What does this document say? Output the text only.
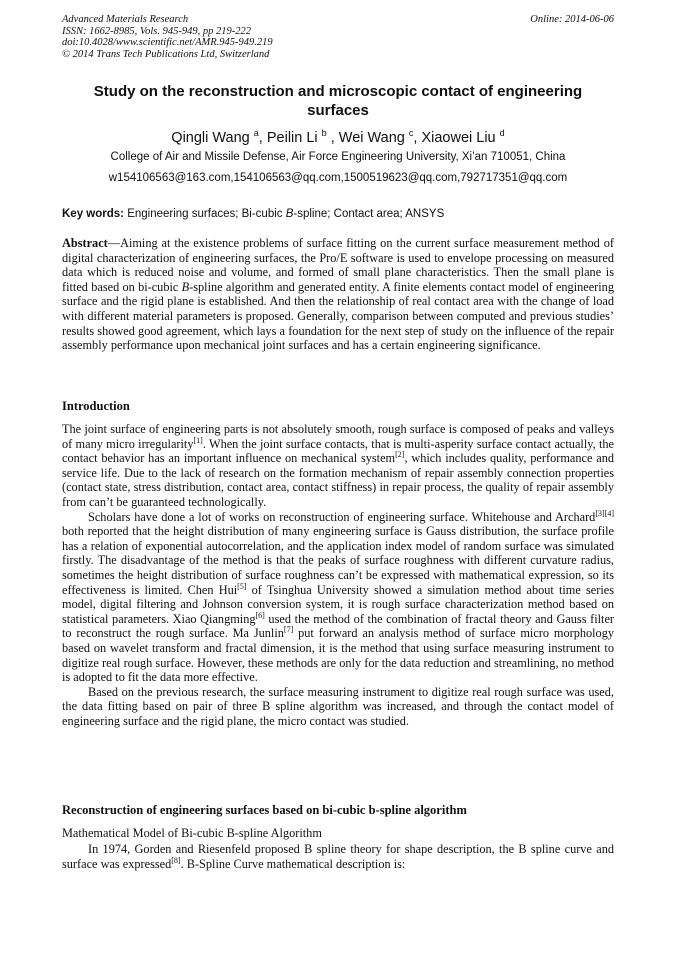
Advanced Materials Research
ISSN: 1662-8985, Vols. 945-949, pp 219-222
doi:10.4028/www.scientific.net/AMR.945-949.219
© 2014 Trans Tech Publications Ltd, Switzerland
Online: 2014-06-06
Study on the reconstruction and microscopic contact of engineering surfaces
Qingli Wang $^a$, Peilin Li $^b$ , Wei Wang $^c$, Xiaowei Liu $^d$
College of Air and Missile Defense, Air Force Engineering University, Xi’an 710051, China
w154106563@163.com,154106563@qq.com,1500519623@qq.com,792717351@qq.com
Key words: Engineering surfaces; Bi-cubic B-spline; Contact area; ANSYS
Abstract—Aiming at the existence problems of surface fitting on the current surface measurement method of digital characterization of engineering surfaces, the Pro/E software is used to envelope processing on measured data which is reduced noise and volume, and formed of small plane characteristics. Then the small plane is fitted based on bi-cubic B-spline algorithm and generated entity. A finite elements contact model of engineering surface and the rigid plane is established. And then the relationship of real contact area with the change of load with different material parameters is proposed. Generally, comparison between computed and previous studies’ results showed good agreement, which lays a foundation for the next step of study on the influence of the repair assembly performance upon mechanical joint surfaces and has a certain engineering significance.
Introduction

The joint surface of engineering parts is not absolutely smooth, rough surface is composed of peaks and valleys of many micro irregularity[1]. When the joint surface contacts, that is multi-asperity surface contact actually, the contact behavior has an important influence on mechanical system[2], which includes quality, performance and service life. Due to the lack of research on the formation mechanism of repair assembly connection properties (contact state, stress distribution, contact area, contact stiffness) in repair process, the quality of repair assembly from can’t be guaranteed technologically.

Scholars have done a lot of works on reconstruction of engineering surface. Whitehouse and Archard[3][4] both reported that the height distribution of many engineering surface is Gauss distribution, the surface profile has a relation of exponential autocorrelation, and the application index model of random surface was simulated firstly. The disadvantage of the method is that the peaks of surface roughness with different curvature radius, sometimes the height distribution of surface roughness can’t be expressed with mathematical expression, so its effectiveness is limited. Chen Hui[5] of Tsinghua University showed a simulation method about time series model, digital filtering and Johnson conversion system, it is rough surface characterization method based on statistical parameters. Xiao Qiangming[6] used the method of the combination of fractal theory and Gauss filter to reconstruct the rough surface. Ma Junlin[7] put forward an analysis method of surface micro morphology based on wavelet transform and fractal dimension, it is the method that using surface measuring instrument to digitize real rough surface. However, these methods are only for the data reduction and streamlining, no method is adopted to fit the data more effective.

Based on the previous research, the surface measuring instrument to digitize real rough surface was used, the data fitting based on pair of three B spline algorithm was increased, and through the contact model of engineering surface and the rigid plane, the micro contact was studied.

Reconstruction of engineering surfaces based on bi-cubic b-spline algorithm
Mathematical Model of Bi-cubic B-spline Algorithm

In 1974, Gorden and Riesenfeld proposed B spline theory for shape description, the B spline curve and surface was expressed[8]. B-Spline Curve mathematical description is:
